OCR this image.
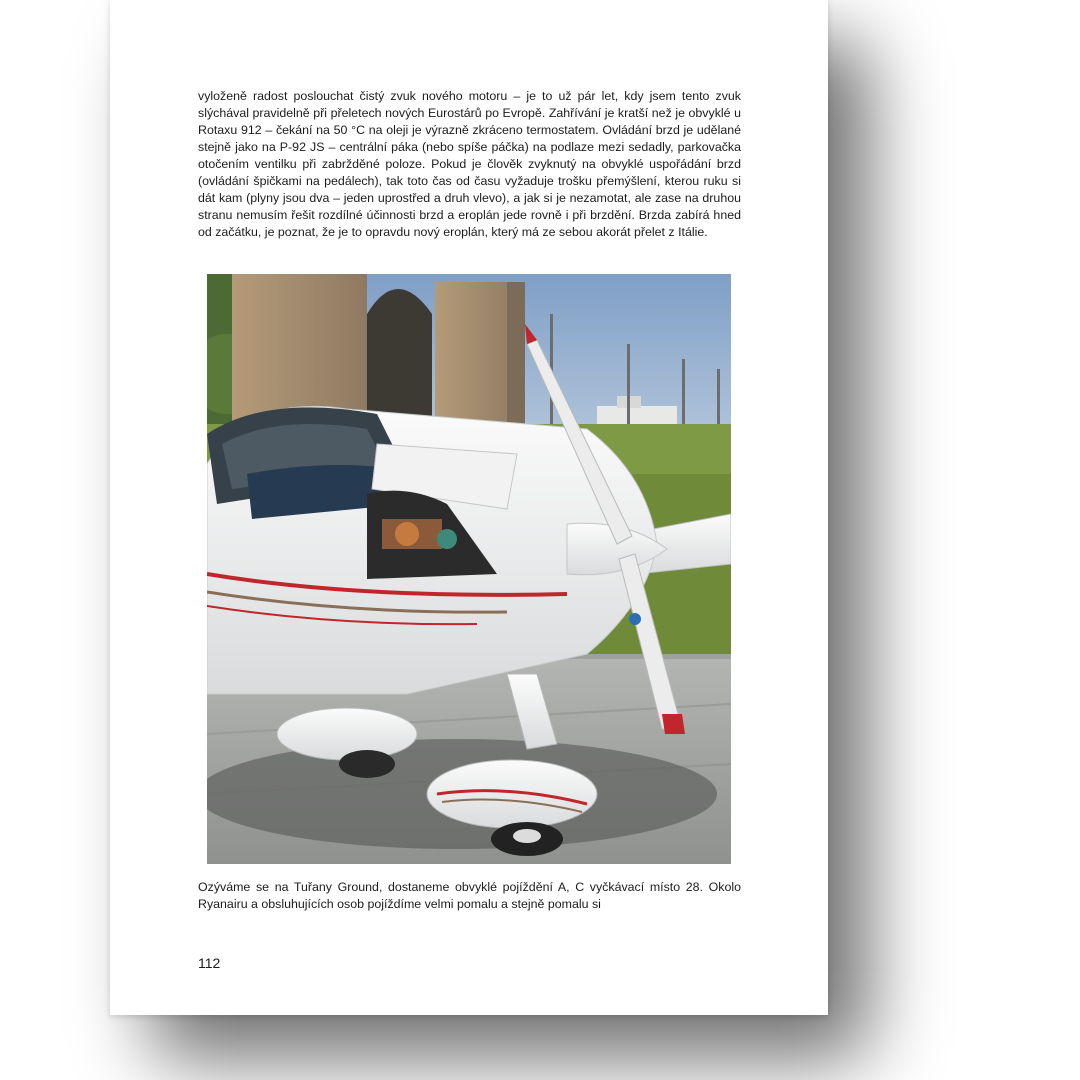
vyloženě radost poslouchat čistý zvuk nového motoru – je to už pár let, kdy jsem tento zvuk slýchával pravidelně při přeletech nových Eurostárů po Evropě. Zahřívání je kratší než je obvyklé u Rotaxu 912 – čekání na 50 °C na oleji je výrazně zkráceno termostatem. Ovládání brzd je udělané stejně jako na P-92 JS – centrální páka (nebo spíše páčka) na podlaze mezi sedadly, parkovačka otočením ventilku při zabržděné poloze. Pokud je člověk zvyknutý na obvyklé uspořádání brzd (ovládání špičkami na pedálech), tak toto čas od času vyžaduje trošku přemýšlení, kterou ruku si dát kam (plyny jsou dva – jeden uprostřed a druh vlevo), a jak si je nezamotat, ale zase na druhou stranu nemusím řešit rozdílné účinnosti brzd a eroplán jede rovně i při brzdění. Brzda zabírá hned od začátku, je poznat, že je to opravdu nový eroplán, který má ze sebou akorát přelet z Itálie.

Ozýváme se na Tuřany Ground, dostaneme obvyklé pojíždění A, C vyčkávací místo 28. Okolo Ryanairu a obsluhujících osob pojíždíme velmi pomalu a stejně pomalu si

112
